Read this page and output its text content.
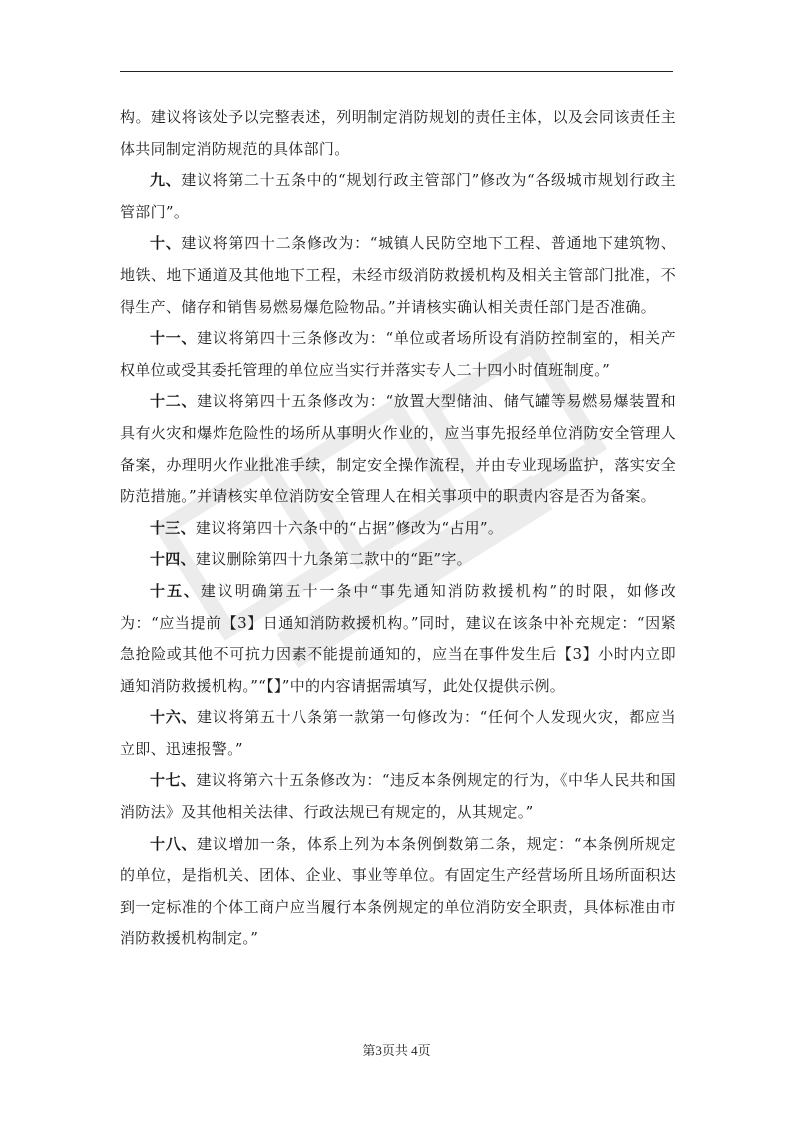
构。建议将该处予以完整表述，列明制定消防规划的责任主体，以及会同该责任主体共同制定消防规范的具体部门。

九、建议将第二十五条中的“规划行政主管部门”修改为“各级城市规划行政主管部门”。

十、建议将第四十二条修改为：“城镇人民防空地下工程、普通地下建筑物、地铁、地下通道及其他地下工程，未经市级消防救援机构及相关主管部门批准，不得生产、储存和销售易燃易爆危险物品。”并请核实确认相关责任部门是否准确。

十一、建议将第四十三条修改为：“单位或者场所设有消防控制室的，相关产权单位或受其委托管理的单位应当实行并落实专人二十四小时值班制度。”

十二、建议将第四十五条修改为：“放置大型储油、储气罐等易燃易爆装置和具有火灾和爆炸危险性的场所从事明火作业的，应当事先报经单位消防安全管理人备案，办理明火作业批准手续，制定安全操作流程，并由专业现场监护，落实安全防范措施。”并请核实单位消防安全管理人在相关事项中的职责内容是否为备案。

十三、建议将第四十六条中的“占据”修改为“占用”。

十四、建议删除第四十九条第二款中的“距”字。

十五、建议明确第五十一条中“事先通知消防救援机构”的时限，如修改为：“应当提前【3】日通知消防救援机构。”同时，建议在该条中补充规定：“因紧急抢险或其他不可抗力因素不能提前通知的，应当在事件发生后【3】小时内立即通知消防救援机构。”“【】”中的内容请据需填写，此处仅提供示例。

十六、建议将第五十八条第一款第一句修改为：“任何个人发现火灾，都应当立即、迅速报警。”

十七、建议将第六十五条修改为：“违反本条例规定的行为，《中华人民共和国消防法》及其他相关法律、行政法规已有规定的，从其规定。”

十八、建议增加一条，体系上列为本条例倒数第二条，规定：“本条例所规定的单位，是指机关、团体、企业、事业等单位。有固定生产经营场所且场所面积达到一定标准的个体工商户应当履行本条例规定的单位消防安全职责，具体标准由市消防救援机构制定。”

第3页共 4页
